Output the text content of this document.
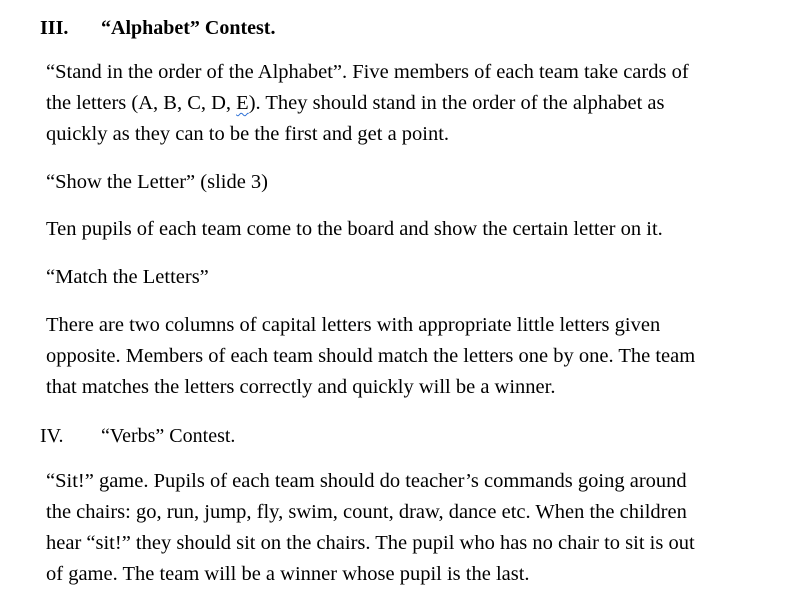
III. “Alphabet” Contest.

“Stand in the order of the Alphabet”. Five members of each team take cards of
the letters (A, B, C, D, E). They should stand in the order of the alphabet as
quickly as they can to be the first and get a point.

“Show the Letter” (slide 3)

Ten pupils of each team come to the board and show the certain letter on it.

“Match the Letters”

There are two columns of capital letters with appropriate little letters given
opposite. Members of each team should match the letters one by one. The team
that matches the letters correctly and quickly will be a winner.

IV. “Verbs” Contest.

“Sit!” game. Pupils of each team should do teacher’s commands going around
the chairs: go, run, jump, fly, swim, count, draw, dance etc. When the children
hear “sit!” they should sit on the chairs. The pupil who has no chair to sit is out
of game. The team will be a winner whose pupil is the last.
